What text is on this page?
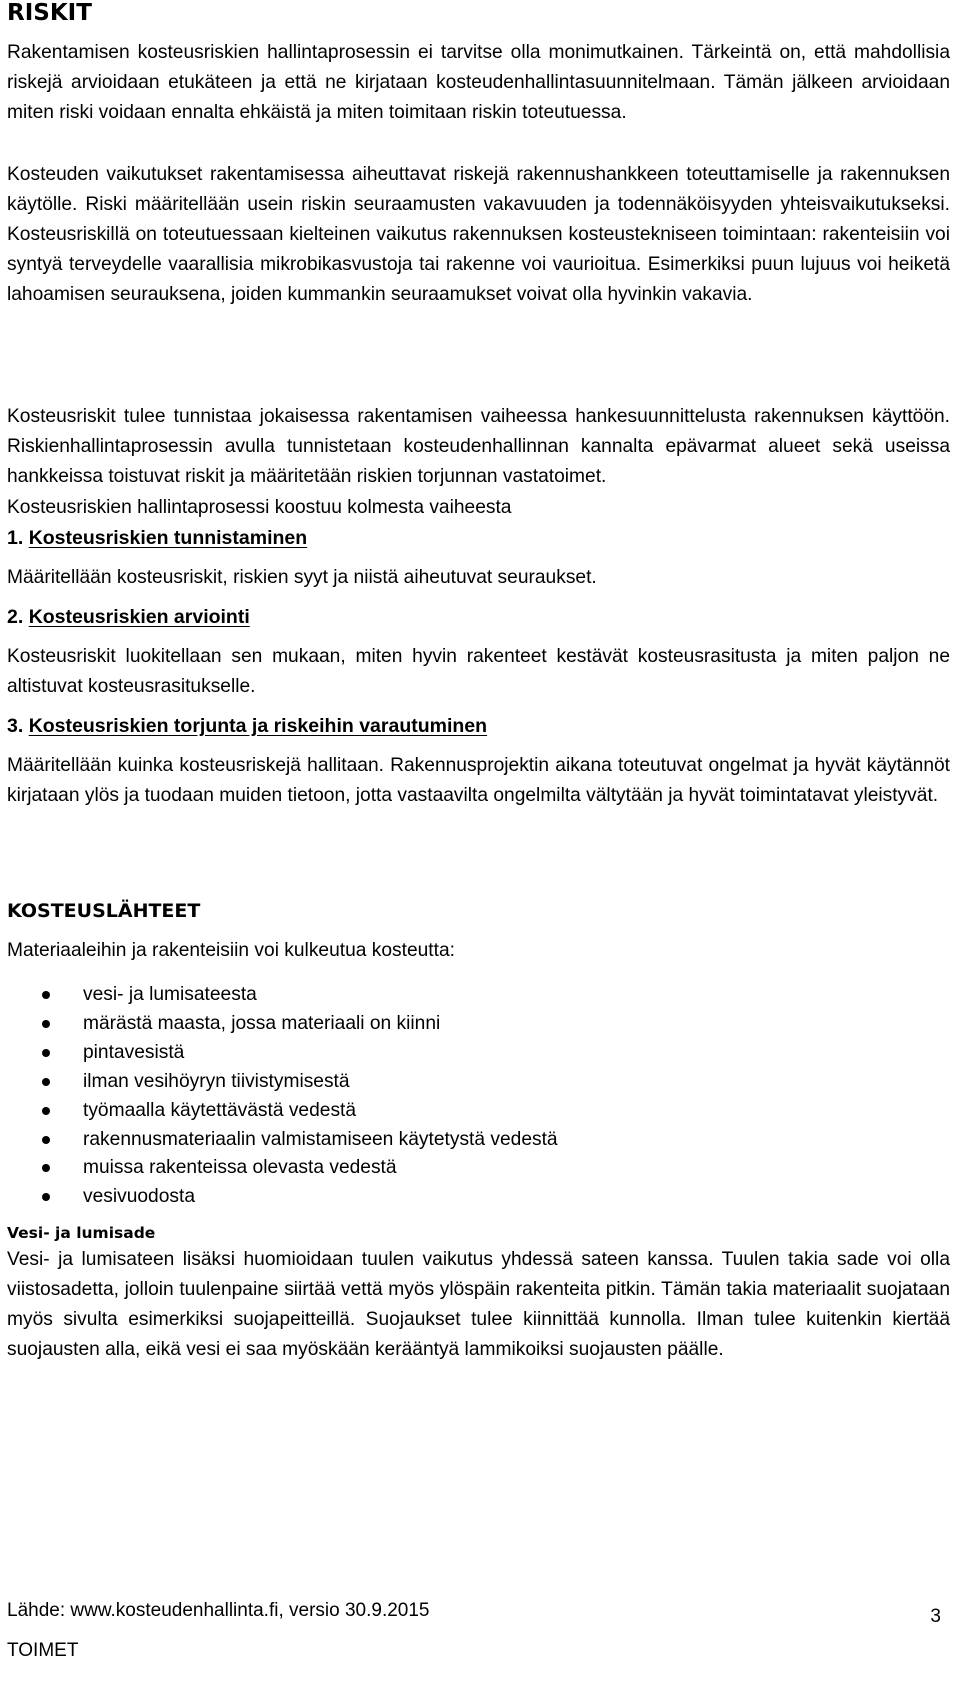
RISKIT

Rakentamisen kosteusriskien hallintaprosessin ei tarvitse olla monimutkainen. Tärkeintä on, että mahdollisia riskejä arvioidaan etukäteen ja että ne kirjataan kosteudenhallintasuunnitelmaan. Tämän jälkeen arvioidaan miten riski voidaan ennalta ehkäistä ja miten toimitaan riskin toteutuessa.

Kosteuden vaikutukset rakentamisessa aiheuttavat riskejä rakennushankkeen toteuttamiselle ja rakennuksen käytölle. Riski määritellään usein riskin seuraamusten vakavuuden ja todennäköisyyden yhteisvaikutukseksi. Kosteusriskillä on toteutuessaan kielteinen vaikutus rakennuksen kosteustekniseen toimintaan: rakenteisiin voi syntyä terveydelle vaarallisia mikrobikasvustoja tai rakenne voi vaurioitua. Esimerkiksi puun lujuus voi heiketä lahoamisen seurauksena, joiden kummankin seuraamukset voivat olla hyvinkin vakavia.

Kosteusriskit tulee tunnistaa jokaisessa rakentamisen vaiheessa hankesuunnittelusta rakennuksen käyttöön. Riskienhallintaprosessin avulla tunnistetaan kosteudenhallinnan kannalta epävarmat alueet sekä useissa hankkeissa toistuvat riskit ja määritetään riskien torjunnan vastatoimet.

Kosteusriskien hallintaprosessi koostuu kolmesta vaiheesta

1. Kosteusriskien tunnistaminen

Määritellään kosteusriskit, riskien syyt ja niistä aiheutuvat seuraukset.

2. Kosteusriskien arviointi

Kosteusriskit luokitellaan sen mukaan, miten hyvin rakenteet kestävät kosteusrasitusta ja miten paljon ne altistuvat kosteusrasitukselle.

3. Kosteusriskien torjunta ja riskeihin varautuminen

Määritellään kuinka kosteusriskejä hallitaan. Rakennusprojektin aikana toteutuvat ongelmat ja hyvät käytännöt kirjataan ylös ja tuodaan muiden tietoon, jotta vastaavilta ongelmilta vältytään ja hyvät toimintatavat yleistyvät.

KOSTEUSLÄHTEET

Materiaaleihin ja rakenteisiin voi kulkeutua kosteutta:

vesi- ja lumisateesta
märästä maasta, jossa materiaali on kiinni
pintavesistä
ilman vesihöyryn tiivistymisestä
työmaalla käytettävästä vedestä
rakennusmateriaalin valmistamiseen käytetystä vedestä
muissa rakenteissa olevasta vedestä
vesivuodosta
Vesi- ja lumisade

Vesi- ja lumisateen lisäksi huomioidaan tuulen vaikutus yhdessä sateen kanssa. Tuulen takia sade voi olla viistosadetta, jolloin tuulenpaine siirtää vettä myös ylöspäin rakenteita pitkin. Tämän takia materiaalit suojataan myös sivulta esimerkiksi suojapeitteillä. Suojaukset tulee kiinnittää kunnolla. Ilman tulee kuitenkin kiertää suojausten alla, eikä vesi ei saa myöskään kerääntyä lammikoiksi suojausten päälle.

Lähde: www.kosteudenhallinta.fi, versio 30.9.2015

TOIMET

3
